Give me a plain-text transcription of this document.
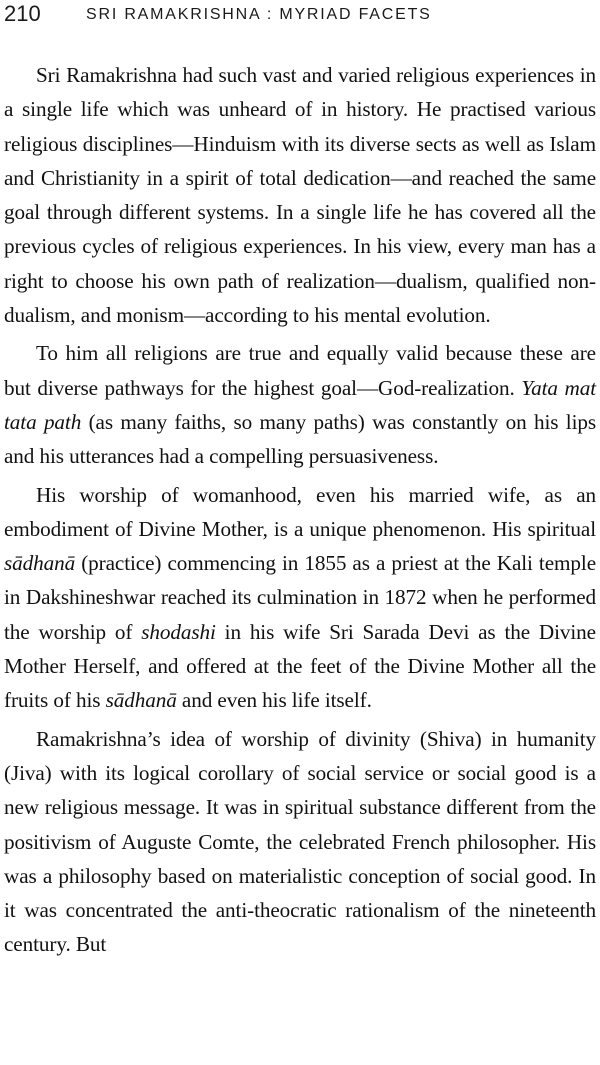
210	SRI RAMAKRISHNA : MYRIAD FACETS

Sri Ramakrishna had such vast and varied religious experiences in a single life which was unheard of in history. He practised various religious disciplines—Hinduism with its diverse sects as well as Islam and Christianity in a spirit of total dedication—and reached the same goal through different systems. In a single life he has covered all the previous cycles of religious experiences. In his view, every man has a right to choose his own path of realization—dualism, qualified non-dualism, and monism—according to his mental evolution.

To him all religions are true and equally valid because these are but diverse pathways for the highest goal—God-realization. Yata mat tata path (as many faiths, so many paths) was constantly on his lips and his utterances had a compelling persuasiveness.

His worship of womanhood, even his married wife, as an embodiment of Divine Mother, is a unique phenomenon. His spiritual sādhanā (practice) commencing in 1855 as a priest at the Kali temple in Dakshineshwar reached its culmination in 1872 when he performed the worship of shodashi in his wife Sri Sarada Devi as the Divine Mother Herself, and offered at the feet of the Divine Mother all the fruits of his sādhanā and even his life itself.

Ramakrishna’s idea of worship of divinity (Shiva) in humanity (Jiva) with its logical corollary of social service or social good is a new religious message. It was in spiritual substance different from the positivism of Auguste Comte, the celebrated French philosopher. His was a philosophy based on materialistic conception of social good. In it was concentrated the anti-theocratic rationalism of the nineteenth century. But
